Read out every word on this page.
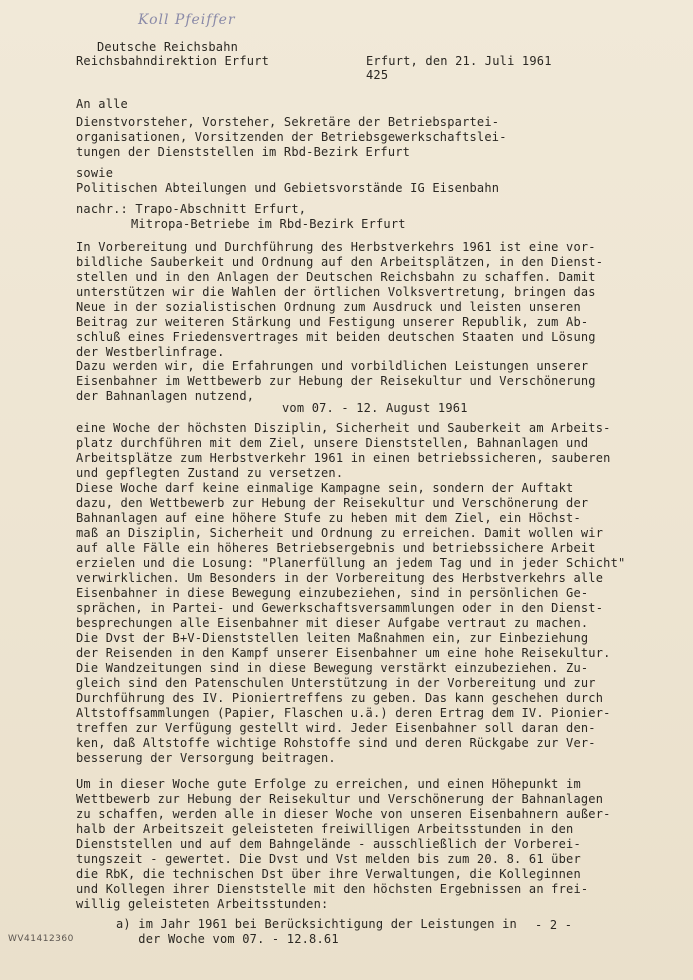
Koll Pfeiffer
Deutsche Reichsbahn
Reichsbahndirektion Erfurt	Erfurt, den 21. Juli 1961
425
An alle
Dienstvorsteher, Vorsteher, Sekretäre der Betriebspartei-
organisationen, Vorsitzenden der Betriebsgewerkschaftslei-
tungen der Dienststellen im Rbd-Bezirk Erfurt
sowie
Politischen Abteilungen und Gebietsvorstände IG Eisenbahn
nachr.: Trapo-Abschnitt Erfurt,
Mitropa-Betriebe im Rbd-Bezirk Erfurt
In Vorbereitung und Durchführung des Herbstverkehrs 1961 ist eine vor-
bildliche Sauberkeit und Ordnung auf den Arbeitsplätzen, in den Dienst-
stellen und in den Anlagen der Deutschen Reichsbahn zu schaffen. Damit
unterstützen wir die Wahlen der örtlichen Volksvertretung, bringen das
Neue in der sozialistischen Ordnung zum Ausdruck und leisten unseren
Beitrag zur weiteren Stärkung und Festigung unserer Republik, zum Ab-
schluß eines Friedensvertrages mit beiden deutschen Staaten und Lösung
der Westberlinfrage.
Dazu werden wir, die Erfahrungen und vorbildlichen Leistungen unserer
Eisenbahner im Wettbewerb zur Hebung der Reisekultur und Verschönerung
der Bahnanlagen nutzend,
vom 07. - 12. August 1961
eine Woche der höchsten Disziplin, Sicherheit und Sauberkeit am Arbeits-
platz durchführen mit dem Ziel, unsere Dienststellen, Bahnanlagen und
Arbeitsplätze zum Herbstverkehr 1961 in einen betriebssicheren, sauberen
und gepflegten Zustand zu versetzen.
Diese Woche darf keine einmalige Kampagne sein, sondern der Auftakt
dazu, den Wettbewerb zur Hebung der Reisekultur und Verschönerung der
Bahnanlagen auf eine höhere Stufe zu heben mit dem Ziel, ein Höchst-
maß an Disziplin, Sicherheit und Ordnung zu erreichen. Damit wollen wir
auf alle Fälle ein höheres Betriebsergebnis und betriebssichere Arbeit
erzielen und die Losung: "Planerfüllung an jedem Tag und in jeder Schicht"
verwirklichen. Um Besonders in der Vorbereitung des Herbstverkehrs alle
Eisenbahner in diese Bewegung einzubeziehen, sind in persönlichen Ge-
sprächen, in Partei- und Gewerkschaftsversammlungen oder in den Dienst-
besprechungen alle Eisenbahner mit dieser Aufgabe vertraut zu machen.
Die Dvst der B+V-Dienststellen leiten Maßnahmen ein, zur Einbeziehung
der Reisenden in den Kampf unserer Eisenbahner um eine hohe Reisekultur.
Die Wandzeitungen sind in diese Bewegung verstärkt einzubeziehen. Zu-
gleich sind den Patenschulen Unterstützung in der Vorbereitung und zur
Durchführung des IV. Pioniertreffens zu geben. Das kann geschehen durch
Altstoffsammlungen (Papier, Flaschen u.ä.) deren Ertrag dem IV. Pionier-
treffen zur Verfügung gestellt wird. Jeder Eisenbahner soll daran den-
ken, daß Altstoffe wichtige Rohstoffe sind und deren Rückgabe zur Ver-
besserung der Versorgung beitragen.
Um in dieser Woche gute Erfolge zu erreichen, und einen Höhepunkt im
Wettbewerb zur Hebung der Reisekultur und Verschönerung der Bahnanlagen
zu schaffen, werden alle in dieser Woche von unseren Eisenbahnern außer-
halb der Arbeitszeit geleisteten freiwilligen Arbeitsstunden in den
Dienststellen und auf dem Bahngelände - ausschließlich der Vorberei-
tungszeit - gewertet. Die Dvst und Vst melden bis zum 20. 8. 61 über
die RbK, die technischen Dst über ihre Verwaltungen, die Kolleginnen
und Kollegen ihrer Dienststelle mit den höchsten Ergebnissen an frei-
willig geleisteten Arbeitsstunden:
a) im Jahr 1961 bei Berücksichtigung der Leistungen in
der Woche vom 07. - 12.8.61
- 2 -
WV41412360
